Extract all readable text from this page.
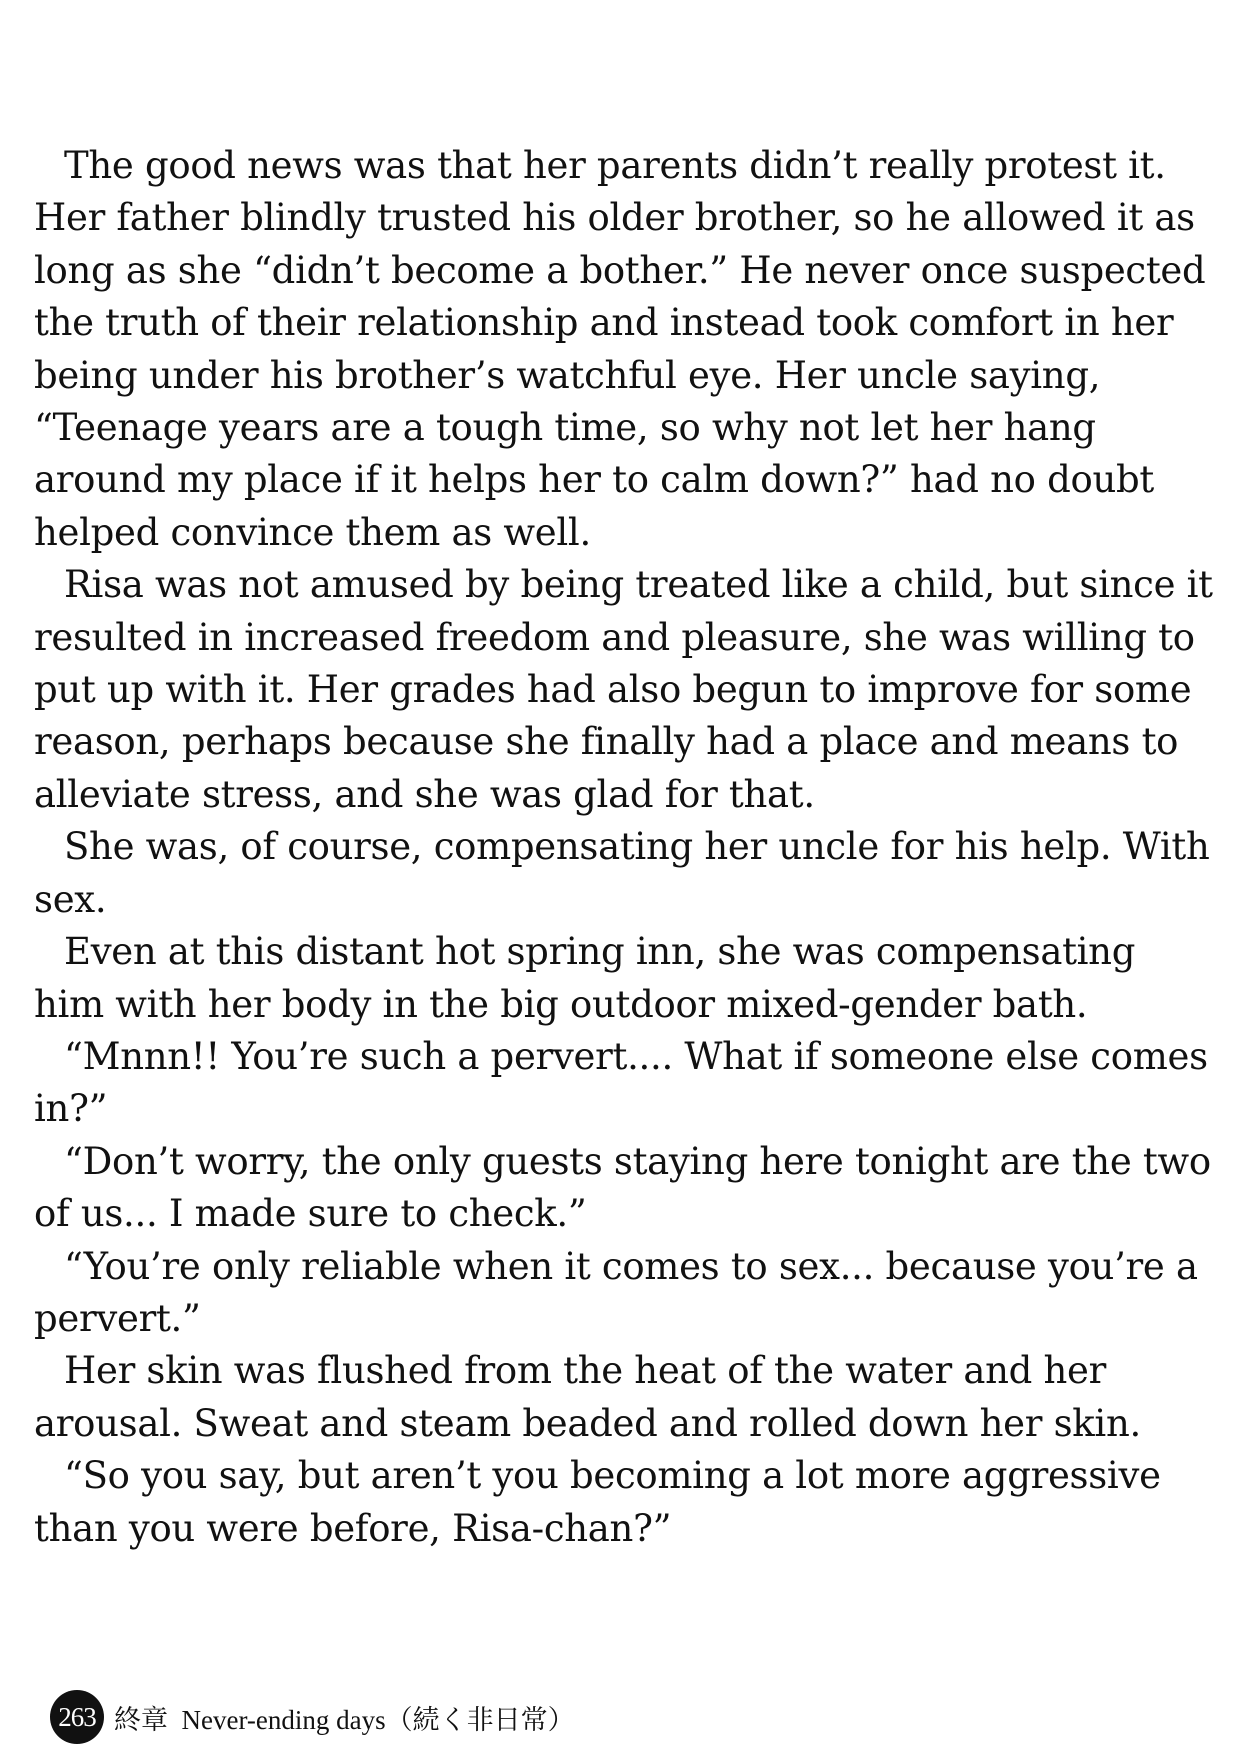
The good news was that her parents didn’t really protest it. Her father blindly trusted his older brother, so he allowed it as long as she “didn’t become a bother.” He never once suspected the truth of their relationship and instead took comfort in her being under his brother’s watchful eye. Her uncle saying, “Teenage years are a tough time, so why not let her hang around my place if it helps her to calm down?” had no doubt helped convince them as well.

Risa was not amused by being treated like a child, but since it resulted in increased freedom and pleasure, she was willing to put up with it. Her grades had also begun to improve for some reason, perhaps because she finally had a place and means to alleviate stress, and she was glad for that.

She was, of course, compensating her uncle for his help. With sex.

Even at this distant hot spring inn, she was compensating him with her body in the big outdoor mixed-gender bath.

“Mnnn!! You’re such a pervert.... What if someone else comes in?”

“Don’t worry, the only guests staying here tonight are the two of us... I made sure to check.”

“You’re only reliable when it comes to sex... because you’re a pervert.”

Her skin was flushed from the heat of the water and her arousal. Sweat and steam beaded and rolled down her skin.

“So you say, but aren’t you becoming a lot more aggressive than you were before, Risa-chan?”

263 終章  Never-ending days（続く非日常）
